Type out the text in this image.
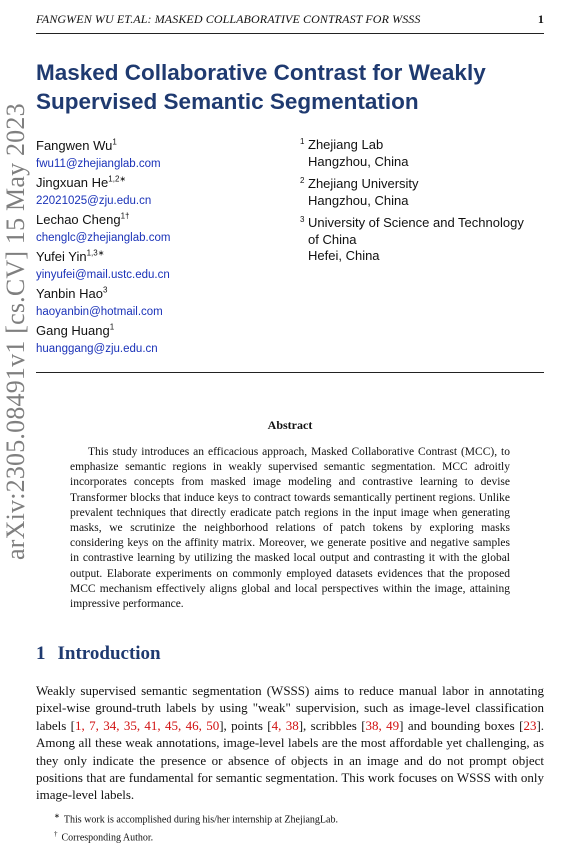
FANGWEN WU ET.AL: MASKED COLLABORATIVE CONTRAST FOR WSSS	1
arXiv:2305.08491v1 [cs.CV] 15 May 2023
Masked Collaborative Contrast for Weakly Supervised Semantic Segmentation
Fangwen Wu$^1$
fwu11@zhejianglab.com
Jingxuan $He^{1,2∗}$
22021025@zju.edu.cn
Lechao Cheng$^{1\dagger}$
chenglc@zhejianglab.com
Yufei Yin$^{1,3∗}$
yinyufei@mail.ustc.edu.cn
Yanbin Hao$^3$
haoyanbin@hotmail.com
Gang Huang$^1$
huanggang@zju.edu.cn
1 Zhejiang Lab
Hangzhou, China
2 Zhejiang University
Hangzhou, China
3 University of Science and Technology
of China
Hefei, China
Abstract

This study introduces an efficacious approach, Masked Collaborative Contrast (MCC), to emphasize semantic regions in weakly supervised semantic segmentation. MCC adroitly incorporates concepts from masked image modeling and contrastive learning to devise Transformer blocks that induce keys to contract towards semantically pertinent regions. Unlike prevalent techniques that directly eradicate patch regions in the input image when generating masks, we scrutinize the neighborhood relations of patch tokens by exploring masks considering keys on the affinity matrix. Moreover, we generate positive and negative samples in contrastive learning by utilizing the masked local output and contrasting it with the global output. Elaborate experiments on commonly employed datasets evidences that the proposed MCC mechanism effectively aligns global and local perspectives within the image, attaining impressive performance.

1 Introduction

Weakly supervised semantic segmentation (WSSS) aims to reduce manual labor in annotating pixel-wise ground-truth labels by using "weak" supervision, such as image-level classification labels [1, 7, 34, 35, 41, 45, 46, 50], points [4, 38], scribbles [38, 49] and bounding boxes [23]. Among all these weak annotations, image-level labels are the most affordable yet challenging, as they only indicate the presence or absence of objects in an image and do not prompt object positions that are fundamental for semantic segmentation. This work focuses on WSSS with only image-level labels.

∗ This work is accomplished during his/her internship at ZhejiangLab.
† Corresponding Author.
